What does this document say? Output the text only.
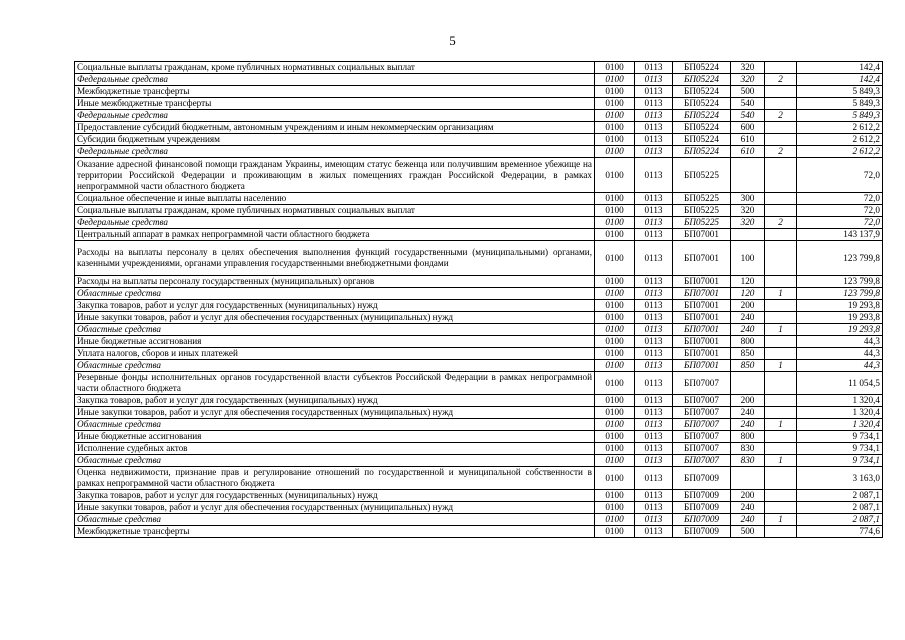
5
Социальные выплаты гражданам, кроме публичных нормативных социальных выплат	0100	0113	БП05224	320		142,4
Федеральные средства	0100	0113	БП05224	320	2	142,4
Межбюджетные трансферты	0100	0113	БП05224	500		5 849,3
Иные межбюджетные трансферты	0100	0113	БП05224	540		5 849,3
Федеральные средства	0100	0113	БП05224	540	2	5 849,3
Предоставление субсидий бюджетным, автономным учреждениям и иным некоммерческим организациям	0100	0113	БП05224	600		2 612,2
Субсидии бюджетным учреждениям	0100	0113	БП05224	610		2 612,2
Федеральные средства	0100	0113	БП05224	610	2	2 612,2
Оказание адресной финансовой помощи гражданам Украины, имеющим статус беженца или получившим временное убежище на территории Российской Федерации и проживающим в жилых помещениях граждан Российской Федерации, в рамках непрограммной части областного бюджета	0100	0113	БП05225			72,0
Социальное обеспечение и иные выплаты населению	0100	0113	БП05225	300		72,0
Социальные выплаты гражданам, кроме публичных нормативных социальных выплат	0100	0113	БП05225	320		72,0
Федеральные средства	0100	0113	БП05225	320	2	72,0
Центральный аппарат в рамках непрограммной части областного бюджета	0100	0113	БП07001			143 137,9
Расходы на выплаты персоналу в целях обеспечения выполнения функций государственными (муниципальными) органами, казенными учреждениями, органами управления государственными внебюджетными фондами	0100	0113	БП07001	100		123 799,8
Расходы на выплаты персоналу государственных (муниципальных) органов	0100	0113	БП07001	120		123 799,8
Областные средства	0100	0113	БП07001	120	1	123 799,8
Закупка товаров, работ и услуг для государственных (муниципальных) нужд	0100	0113	БП07001	200		19 293,8
Иные закупки товаров, работ и услуг для обеспечения государственных (муниципальных) нужд	0100	0113	БП07001	240		19 293,8
Областные средства	0100	0113	БП07001	240	1	19 293,8
Иные бюджетные ассигнования	0100	0113	БП07001	800		44,3
Уплата налогов, сборов и иных платежей	0100	0113	БП07001	850		44,3
Областные средства	0100	0113	БП07001	850	1	44,3
Резервные фонды исполнительных органов государственной власти субъектов Российской Федерации в рамках непрограммной части областного бюджета	0100	0113	БП07007			11 054,5
Закупка товаров, работ и услуг для государственных (муниципальных) нужд	0100	0113	БП07007	200		1 320,4
Иные закупки товаров, работ и услуг для обеспечения государственных (муниципальных) нужд	0100	0113	БП07007	240		1 320,4
Областные средства	0100	0113	БП07007	240	1	1 320,4
Иные бюджетные ассигнования	0100	0113	БП07007	800		9 734,1
Исполнение судебных актов	0100	0113	БП07007	830		9 734,1
Областные средства	0100	0113	БП07007	830	1	9 734,1
Оценка недвижимости, признание прав и регулирование отношений по государственной и муниципальной собственности в рамках непрограммной части областного бюджета	0100	0113	БП07009			3 163,0
Закупка товаров, работ и услуг для государственных (муниципальных) нужд	0100	0113	БП07009	200		2 087,1
Иные закупки товаров, работ и услуг для обеспечения государственных (муниципальных) нужд	0100	0113	БП07009	240		2 087,1
Областные средства	0100	0113	БП07009	240	1	2 087,1
Межбюджетные трансферты	0100	0113	БП07009	500		774,6
